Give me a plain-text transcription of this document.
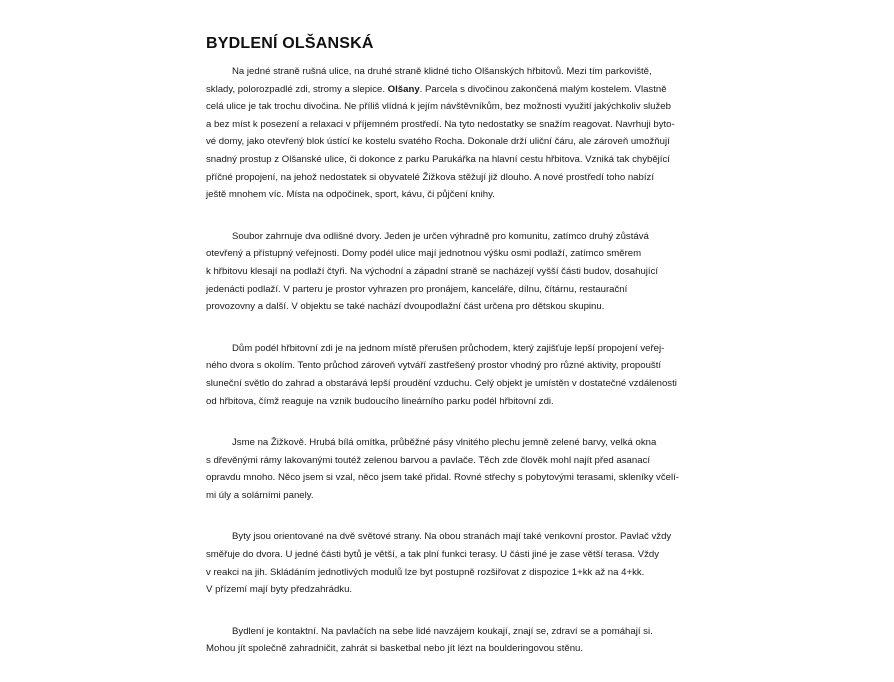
BYDLENÍ OLŠANSKÁ
Na jedné straně rušná ulice, na druhé straně klidné ticho Olšanských hřbitovů. Mezi tím parkoviště,
sklady, polorozpadlé zdi, stromy a slepice. Olšany. Parcela s divočinou zakončená malým kostelem. Vlastně
celá ulice je tak trochu divočina. Ne příliš vlídná k jejím návštěvníkům, bez možnosti využití jakýchkoliv služeb
a bez míst k posezení a relaxaci v příjemném prostředí. Na tyto nedostatky se snažím reagovat. Navrhuji byto-
vé domy, jako otevřený blok ústící ke kostelu svatého Rocha. Dokonale drží uliční čáru, ale zároveň umožňují
snadný prostup z Olšanské ulice, či dokonce z parku Parukářka na hlavní cestu hřbitova. Vzniká tak chybějící
příčné propojení, na jehož nedostatek si obyvatelé Žižkova stěžují již dlouho. A nové prostředí toho nabízí
ještě mnohem víc. Místa na odpočinek, sport, kávu, či půjčení knihy.
Soubor zahrnuje dva odlišné dvory. Jeden je určen výhradně pro komunitu, zatímco druhý zůstává
otevřený a přístupný veřejnosti. Domy podél ulice mají jednotnou výšku osmi podlaží, zatímco směrem
k hřbitovu klesají na podlaží čtyři. Na východní a západní straně se nacházejí vyšší části budov, dosahující
jedenácti podlaží. V parteru je prostor vyhrazen pro pronájem, kanceláře, dílnu, čítárnu, restaurační
provozovny a další. V objektu se také nachází dvoupodlažní část určena pro dětskou skupinu.
Dům podél hřbitovní zdi je na jednom místě přerušen průchodem, který zajišťuje lepší propojení veřej-
ného dvora s okolím. Tento průchod zároveň vytváří zastřešený prostor vhodný pro různé aktivity, propouští
sluneční světlo do zahrad a obstarává lepší proudění vzduchu. Celý objekt je umístěn v dostatečné vzdálenosti
od hřbitova, čímž reaguje na vznik budoucího lineárního parku podél hřbitovní zdi.
Jsme na Žižkově. Hrubá bílá omítka, průběžné pásy vlnitého plechu jemně zelené barvy, velká okna
s dřevěnými rámy lakovanými toutéž zelenou barvou a pavlače. Těch zde člověk mohl najít před asanací
opravdu mnoho. Něco jsem si vzal, něco jsem také přidal. Rovné střechy s pobytovými terasami, skleníky včelí-
mi úly a solárními panely.
Byty jsou orientované na dvě světové strany. Na obou stranách mají také venkovní prostor. Pavlač vždy
směřuje do dvora. U jedné části bytů je větší, a tak plní funkci terasy. U části jiné je zase větší terasa. Vždy
v reakci na jih. Skládáním jednotlivých modulů lze byt postupně rozšiřovat z dispozice 1+kk až na 4+kk.
V přízemí mají byty předzahrádku.
Bydlení je kontaktní. Na pavlačích na sebe lidé navzájem koukají, znají se, zdraví se a pomáhají si.
Mohou jít společně zahradničit, zahrát si basketbal nebo jít lézt na boulderingovou stěnu.
